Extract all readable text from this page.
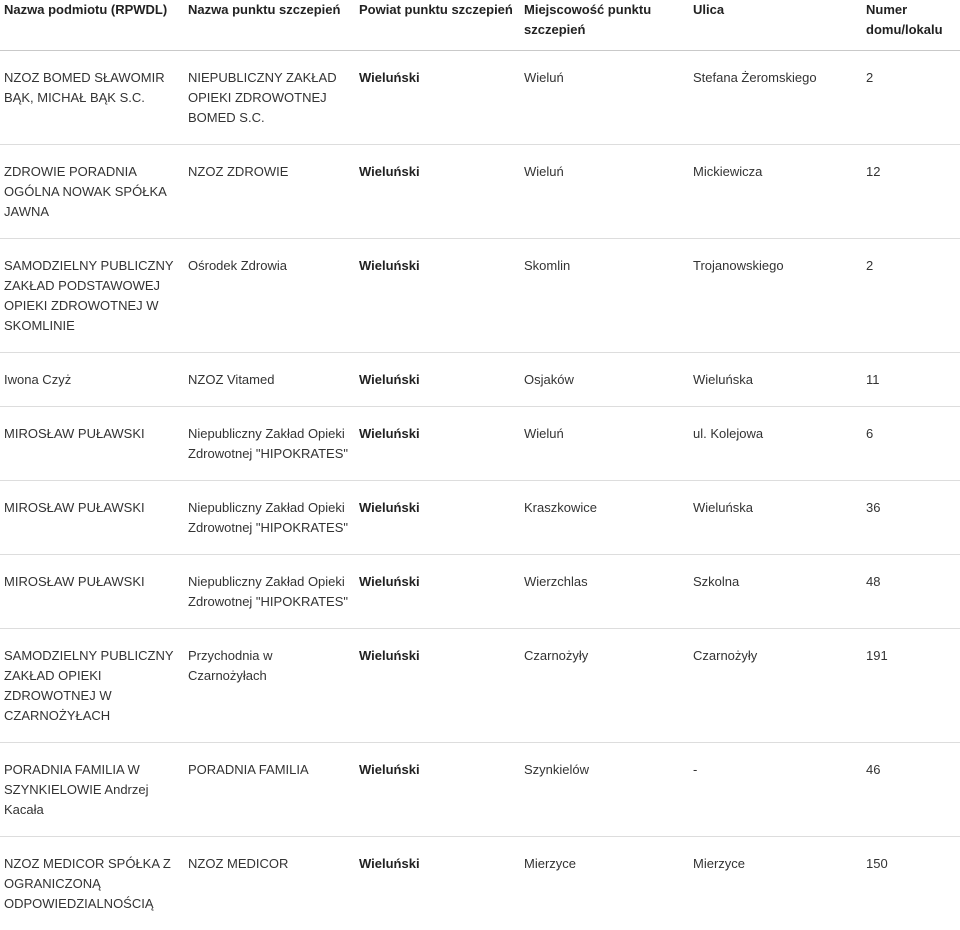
Nazwa podmiotu (RPWDL)	Nazwa punktu szczepień	Powiat punktu szczepień	Miejscowość punktu szczepień	Ulica	Numer domu/lokalu
NZOZ BOMED SŁAWOMIR BĄK, MICHAŁ BĄK S.C.	NIEPUBLICZNY ZAKŁAD OPIEKI ZDROWOTNEJ BOMED S.C.	Wieluński	Wieluń	Stefana Żeromskiego	2
ZDROWIE PORADNIA OGÓLNA NOWAK SPÓŁKA JAWNA	NZOZ ZDROWIE	Wieluński	Wieluń	Mickiewicza	12
SAMODZIELNY PUBLICZNY ZAKŁAD PODSTAWOWEJ OPIEKI ZDROWOTNEJ W SKOMLINIE	Ośrodek Zdrowia	Wieluński	Skomlin	Trojanowskiego	2
Iwona Czyż	NZOZ Vitamed	Wieluński	Osjaków	Wieluńska	11
MIROSŁAW PUŁAWSKI	Niepubliczny Zakład Opieki Zdrowotnej "HIPOKRATES"	Wieluński	Wieluń	ul. Kolejowa	6
MIROSŁAW PUŁAWSKI	Niepubliczny Zakład Opieki Zdrowotnej "HIPOKRATES"	Wieluński	Kraszkowice	Wieluńska	36
MIROSŁAW PUŁAWSKI	Niepubliczny Zakład Opieki Zdrowotnej "HIPOKRATES"	Wieluński	Wierzchlas	Szkolna	48
SAMODZIELNY PUBLICZNY ZAKŁAD OPIEKI ZDROWOTNEJ W CZARNOŻYŁACH	Przychodnia w Czarnożyłach	Wieluński	Czarnożyły	Czarnożyły	191
PORADNIA FAMILIA W SZYNKIELOWIE Andrzej Kacała	PORADNIA FAMILIA	Wieluński	Szynkielów	-	46
NZOZ MEDICOR SPÓŁKA Z OGRANICZONĄ ODPOWIEDZIALNOŚCIĄ	NZOZ MEDICOR	Wieluński	Mierzyce	Mierzyce	150
